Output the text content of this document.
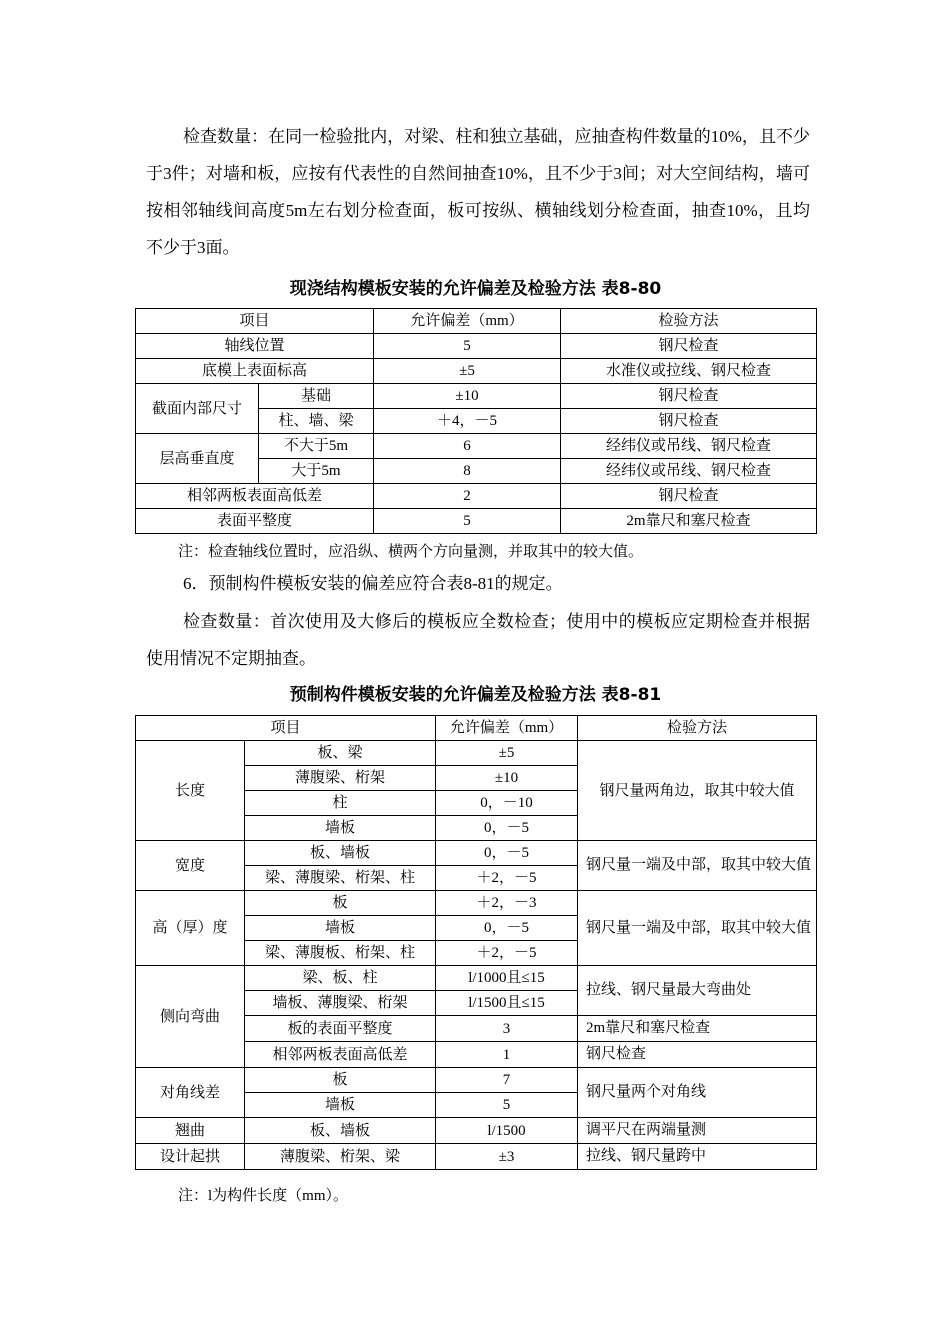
检查数量：在同一检验批内，对梁、柱和独立基础，应抽查构件数量的10%，且不少于3件；对墙和板，应按有代表性的自然间抽查10%，且不少于3间；对大空间结构，墙可按相邻轴线间高度5m左右划分检查面，板可按纵、横轴线划分检查面，抽查10%，且均不少于3面。

现浇结构模板安装的允许偏差及检验方法 表8-80

项目		允许偏差（mm）	检验方法
轴线位置		5	钢尺检查
底模上表面标高		±5	水准仪或拉线、钢尺检查
截面内部尺寸	基础	±10	钢尺检查
	柱、墙、梁	＋4，－5	钢尺检查
层高垂直度	不大于5m	6	经纬仪或吊线、钢尺检查
	大于5m	8	经纬仪或吊线、钢尺检查
相邻两板表面高低差		2	钢尺检查
表面平整度		5	2m靠尺和塞尺检查

注：检查轴线位置时，应沿纵、横两个方向量测，并取其中的较大值。

6．预制构件模板安装的偏差应符合表8-81的规定。

检查数量：首次使用及大修后的模板应全数检查；使用中的模板应定期检查并根据使用情况不定期抽查。

预制构件模板安装的允许偏差及检验方法 表8-81

项目		允许偏差（mm）	检验方法
长度	板、梁	±5	钢尺量两角边，取其中较大值
	薄腹梁、桁架	±10	
	柱	0，－10	
	墙板	0，－5	
宽度	板、墙板	0，－5	钢尺量一端及中部，取其中较大值
	梁、薄腹梁、桁架、柱	＋2，－5	
高（厚）度	板	＋2，－3	钢尺量一端及中部，取其中较大值
	墙板	0，－5	
	梁、薄腹板、桁架、柱	＋2，－5	
侧向弯曲	梁、板、柱	l/1000且≤15	拉线、钢尺量最大弯曲处
	墙板、薄腹梁、桁架	l/1500且≤15	
	板的表面平整度	3	2m靠尺和塞尺检查
	相邻两板表面高低差	1	钢尺检查
对角线差	板	7	钢尺量两个对角线
	墙板	5	
翘曲	板、墙板	l/1500	调平尺在两端量测
设计起拱	薄腹梁、桁架、梁	±3	拉线、钢尺量跨中

注：l为构件长度（mm）。
